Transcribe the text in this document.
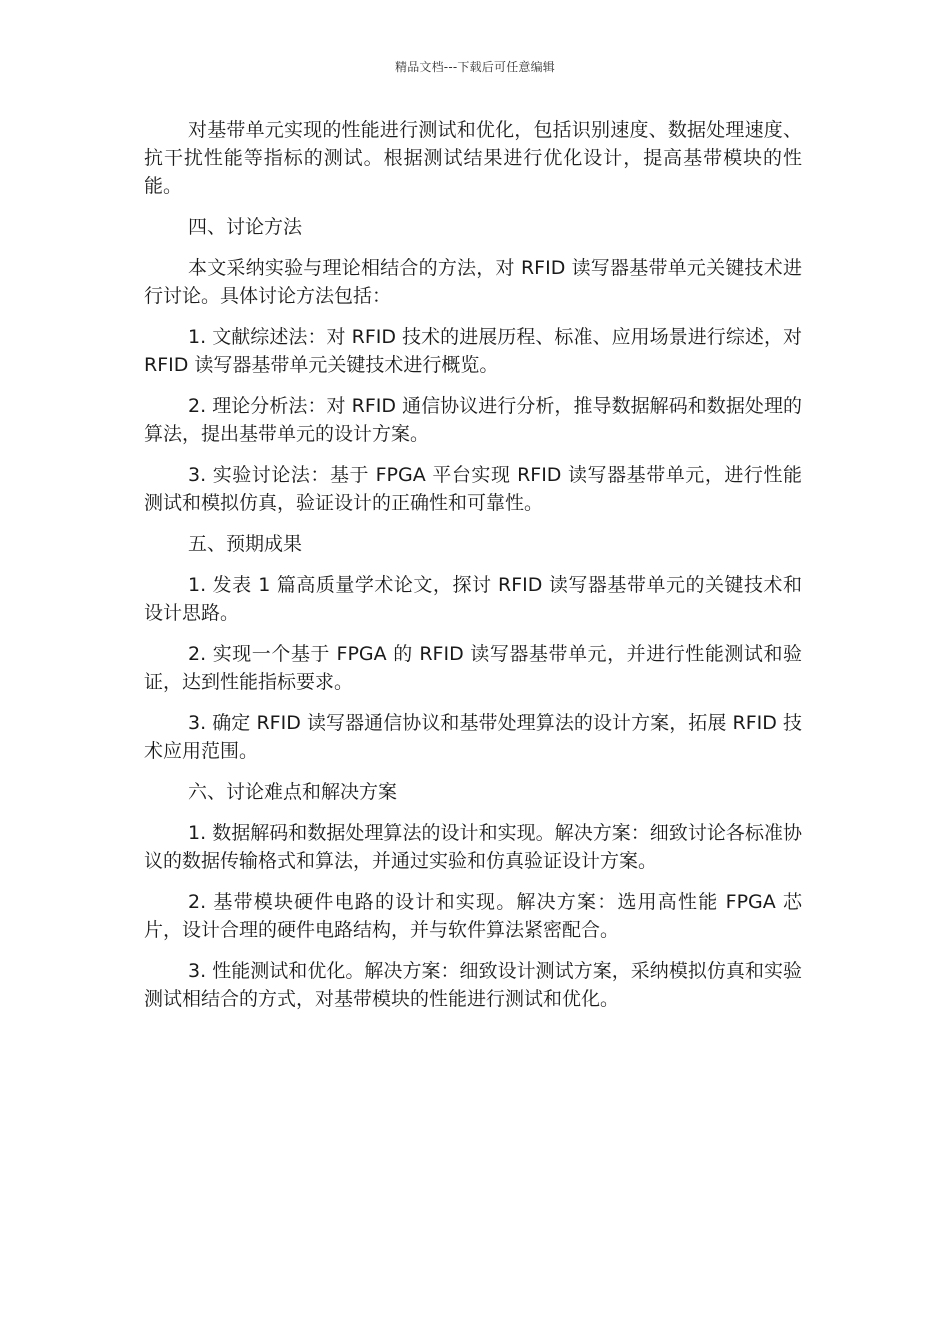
精品文档---下载后可任意编辑

对基带单元实现的性能进行测试和优化，包括识别速度、数据处理速度、抗干扰性能等指标的测试。根据测试结果进行优化设计，提高基带模块的性能。

四、讨论方法

本文采纳实验与理论相结合的方法，对 RFID 读写器基带单元关键技术进行讨论。具体讨论方法包括：

1. 文献综述法：对 RFID 技术的进展历程、标准、应用场景进行综述，对 RFID 读写器基带单元关键技术进行概览。

2. 理论分析法：对 RFID 通信协议进行分析，推导数据解码和数据处理的算法，提出基带单元的设计方案。

3. 实验讨论法：基于 FPGA 平台实现 RFID 读写器基带单元，进行性能测试和模拟仿真，验证设计的正确性和可靠性。

五、预期成果

1. 发表 1 篇高质量学术论文，探讨 RFID 读写器基带单元的关键技术和设计思路。

2. 实现一个基于 FPGA 的 RFID 读写器基带单元，并进行性能测试和验证，达到性能指标要求。

3. 确定 RFID 读写器通信协议和基带处理算法的设计方案，拓展 RFID 技术应用范围。

六、讨论难点和解决方案

1. 数据解码和数据处理算法的设计和实现。解决方案：细致讨论各标准协议的数据传输格式和算法，并通过实验和仿真验证设计方案。

2. 基带模块硬件电路的设计和实现。解决方案：选用高性能 FPGA 芯片，设计合理的硬件电路结构，并与软件算法紧密配合。

3. 性能测试和优化。解决方案：细致设计测试方案，采纳模拟仿真和实验测试相结合的方式，对基带模块的性能进行测试和优化。
